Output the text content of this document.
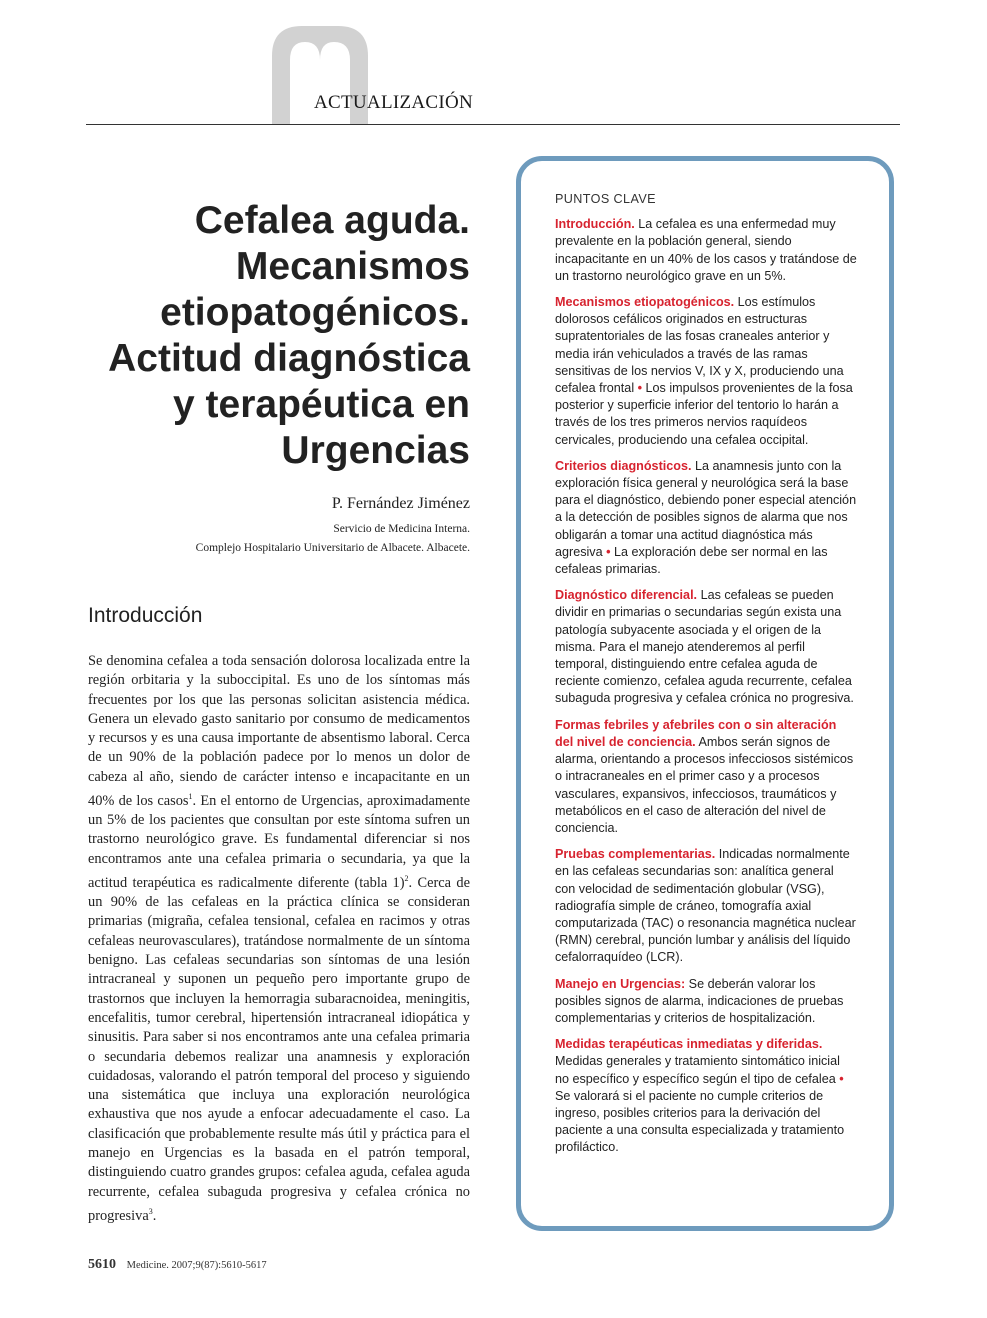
ACTUALIZACIÓN
Cefalea aguda.
Mecanismos
etiopatogénicos.
Actitud diagnóstica
y terapéutica en
Urgencias
P. Fernández Jiménez
Servicio de Medicina Interna.
Complejo Hospitalario Universitario de Albacete. Albacete.
Introducción

Se denomina cefalea a toda sensación dolorosa localizada entre la región orbitaria y la suboccipital. Es uno de los síntomas más frecuentes por los que las personas solicitan asistencia médica. Genera un elevado gasto sanitario por consumo de medicamentos y recursos y es una causa importante de absentismo laboral. Cerca de un 90% de la población padece por lo menos un dolor de cabeza al año, siendo de carácter intenso e incapacitante en un 40% de los casos$^1$. En el entorno de Urgencias, aproximadamente un 5% de los pacientes que consultan por este síntoma sufren un trastorno neurológico grave. Es fundamental diferenciar si nos encontramos ante una cefalea primaria o secundaria, ya que la actitud terapéutica es radicalmente diferente (tabla 1)$^2$. Cerca de un 90% de las cefaleas en la práctica clínica se consideran primarias (migraña, cefalea tensional, cefalea en racimos y otras cefaleas neurovasculares), tratándose normalmente de un síntoma benigno. Las cefaleas secundarias son síntomas de una lesión intracraneal y suponen un pequeño pero importante grupo de trastornos que incluyen la hemorragia subaracnoidea, meningitis, encefalitis, tumor cerebral, hipertensión intracraneal idiopática y sinusitis. Para saber si nos encontramos ante una cefalea primaria o secundaria debemos realizar una anamnesis y exploración cuidadosas, valorando el patrón temporal del proceso y siguiendo una sistemática que incluya una exploración neurológica exhaustiva que nos ayude a enfocar adecuadamente el caso. La clasificación que probablemente resulte más útil y práctica para el manejo en Urgencias es la basada en el patrón temporal, distinguiendo cuatro grandes grupos: cefalea aguda, cefalea aguda recurrente, cefalea subaguda progresiva y cefalea crónica no progresiva$^3$.

5610 Medicine. 2007;9(87):5610-5617
PUNTOS CLAVE

Introducción. La cefalea es una enfermedad muy prevalente en la población general, siendo incapacitante en un 40% de los casos y tratándose de un trastorno neurológico grave en un 5%.

Mecanismos etiopatogénicos. Los estímulos dolorosos cefálicos originados en estructuras supratentoriales de las fosas craneales anterior y media irán vehiculados a través de las ramas sensitivas de los nervios V, IX y X, produciendo una cefalea frontal • Los impulsos provenientes de la fosa posterior y superficie inferior del tentorio lo harán a través de los tres primeros nervios raquídeos cervicales, produciendo una cefalea occipital.

Criterios diagnósticos. La anamnesis junto con la exploración física general y neurológica será la base para el diagnóstico, debiendo poner especial atención a la detección de posibles signos de alarma que nos obligarán a tomar una actitud diagnóstica más agresiva • La exploración debe ser normal en las cefaleas primarias.

Diagnóstico diferencial. Las cefaleas se pueden dividir en primarias o secundarias según exista una patología subyacente asociada y el origen de la misma. Para el manejo atenderemos al perfil temporal, distinguiendo entre cefalea aguda de reciente comienzo, cefalea aguda recurrente, cefalea subaguda progresiva y cefalea crónica no progresiva.

Formas febriles y afebriles con o sin alteración del nivel de conciencia. Ambos serán signos de alarma, orientando a procesos infecciosos sistémicos o intracraneales en el primer caso y a procesos vasculares, expansivos, infecciosos, traumáticos y metabólicos en el caso de alteración del nivel de conciencia.

Pruebas complementarias. Indicadas normalmente en las cefaleas secundarias son: analítica general con velocidad de sedimentación globular (VSG), radiografía simple de cráneo, tomografía axial computarizada (TAC) o resonancia magnética nuclear (RMN) cerebral, punción lumbar y análisis del líquido cefalorraquídeo (LCR).

Manejo en Urgencias: Se deberán valorar los posibles signos de alarma, indicaciones de pruebas complementarias y criterios de hospitalización.

Medidas terapéuticas inmediatas y diferidas. Medidas generales y tratamiento sintomático inicial no específico y específico según el tipo de cefalea • Se valorará si el paciente no cumple criterios de ingreso, posibles criterios para la derivación del paciente a una consulta especializada y tratamiento profiláctico.
